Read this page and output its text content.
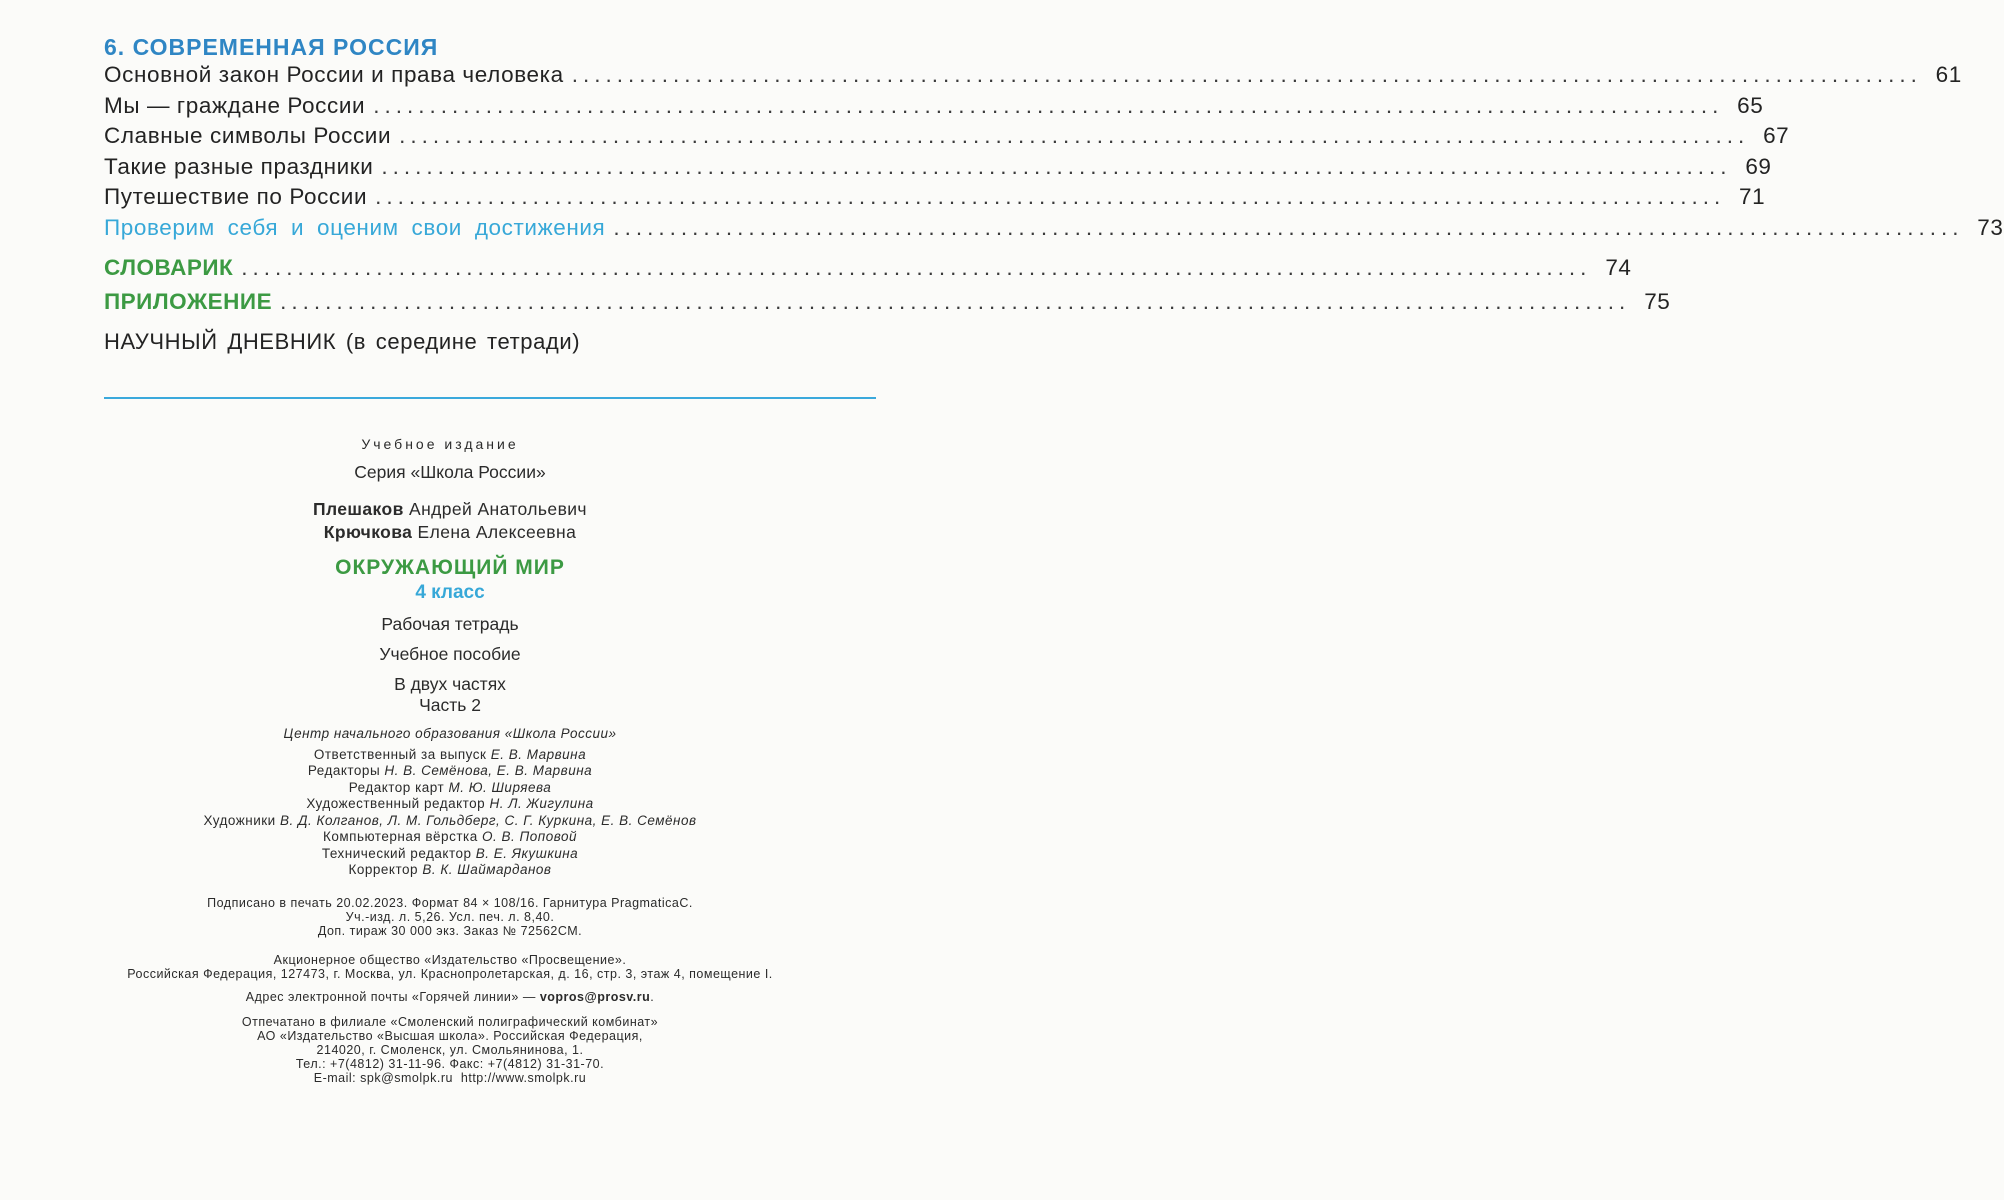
6. СОВРЕМЕННАЯ РОССИЯ
Основной закон России и права человека ........................................................................................................................ 61
Мы — граждане России ........................................................................................................................ 65
Славные символы России ........................................................................................................................ 67
Такие разные праздники ........................................................................................................................ 69
Путешествие по России ........................................................................................................................ 71
Проверим себя и оценим свои достижения ........................................................................................................................ 73
СЛОВАРИК ........................................................................................................................ 74
ПРИЛОЖЕНИЕ ........................................................................................................................ 75
НАУЧНЫЙ ДНЕВНИК (в середине тетради)
Учебное издание
Серия «Школа России»
Плешаков Андрей Анатольевич
Крючкова Елена Алексеевна
ОКРУЖАЮЩИЙ МИР
4 класс
Рабочая тетрадь
Учебное пособие
В двух частях
Часть 2
Центр начального образования «Школа России»
Ответственный за выпуск Е. В. Марвина
Редакторы Н. В. Семёнова, Е. В. Марвина
Редактор карт М. Ю. Ширяева
Художественный редактор Н. Л. Жигулина
Художники В. Д. Колганов, Л. М. Гольдберг, С. Г. Куркина, Е. В. Семёнов
Компьютерная вёрстка О. В. Поповой
Технический редактор В. Е. Якушкина
Корректор В. К. Шаймарданов
Подписано в печать 20.02.2023. Формат 84 × 108/16. Гарнитура PragmaticaC.
Уч.-изд. л. 5,26. Усл. печ. л. 8,40.
Доп. тираж 30 000 экз. Заказ № 72562СМ.
Акционерное общество «Издательство «Просвещение».
Российская Федерация, 127473, г. Москва, ул. Краснопролетарская, д. 16, стр. 3, этаж 4, помещение I.
Адрес электронной почты «Горячей линии» — vopros@prosv.ru.
Отпечатано в филиале «Смоленский полиграфический комбинат»
АО «Издательство «Высшая школа». Российская Федерация,
214020, г. Смоленск, ул. Смольянинова, 1.
Тел.: +7(4812) 31-11-96. Факс: +7(4812) 31-31-70.
E-mail: spk@smolpk.ru  http://www.smolpk.ru
